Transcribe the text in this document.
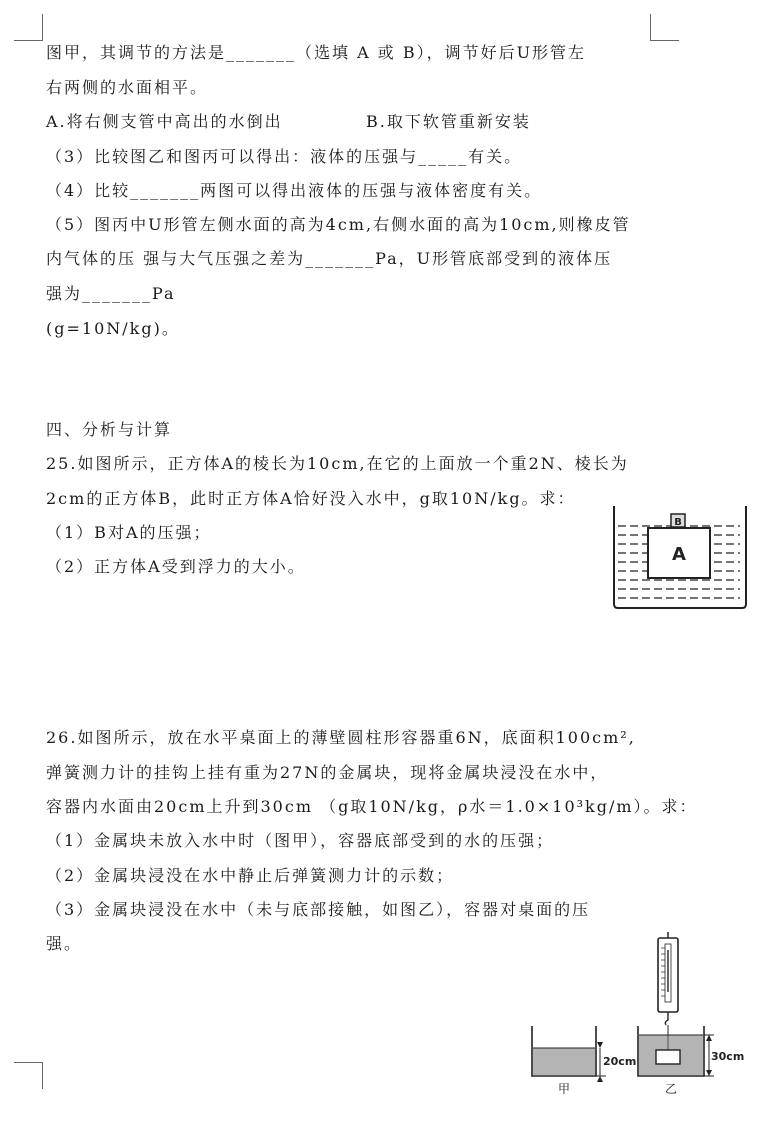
图甲，其调节的方法是_______（选填 A 或 B），调节好后U形管左
右两侧的水面相平。
A.将右侧支管中高出的水倒出	B.取下软管重新安装
（3）比较图乙和图丙可以得出：液体的压强与_____有关。
（4）比较_______两图可以得出液体的压强与液体密度有关。
（5）图丙中U形管左侧水面的高为4cm,右侧水面的高为10cm,则橡皮管
内气体的压 强与大气压强之差为_______Pa，U形管底部受到的液体压
强为_______Pa
(g=10N/kg)。
四、分析与计算
25.如图所示，正方体A的棱长为10cm,在它的上面放一个重2N、棱长为
2cm的正方体B，此时正方体A恰好没入水中，g取10N/kg。求：
（1）B对A的压强；
（2）正方体A受到浮力的大小。
26.如图所示，放在水平桌面上的薄壁圆柱形容器重6N，底面积100cm²,
弹簧测力计的挂钩上挂有重为27N的金属块，现将金属块浸没在水中，
容器内水面由20cm上升到30cm （g取10N/kg，ρ水＝1.0×10³kg/m）。求：
（1）金属块未放入水中时（图甲），容器底部受到的水的压强；
（2）金属块浸没在水中静止后弹簧测力计的示数；
（3）金属块浸没在水中（未与底部接触，如图乙），容器对桌面的压
强。
A
B
20cm
甲
30cm
乙
